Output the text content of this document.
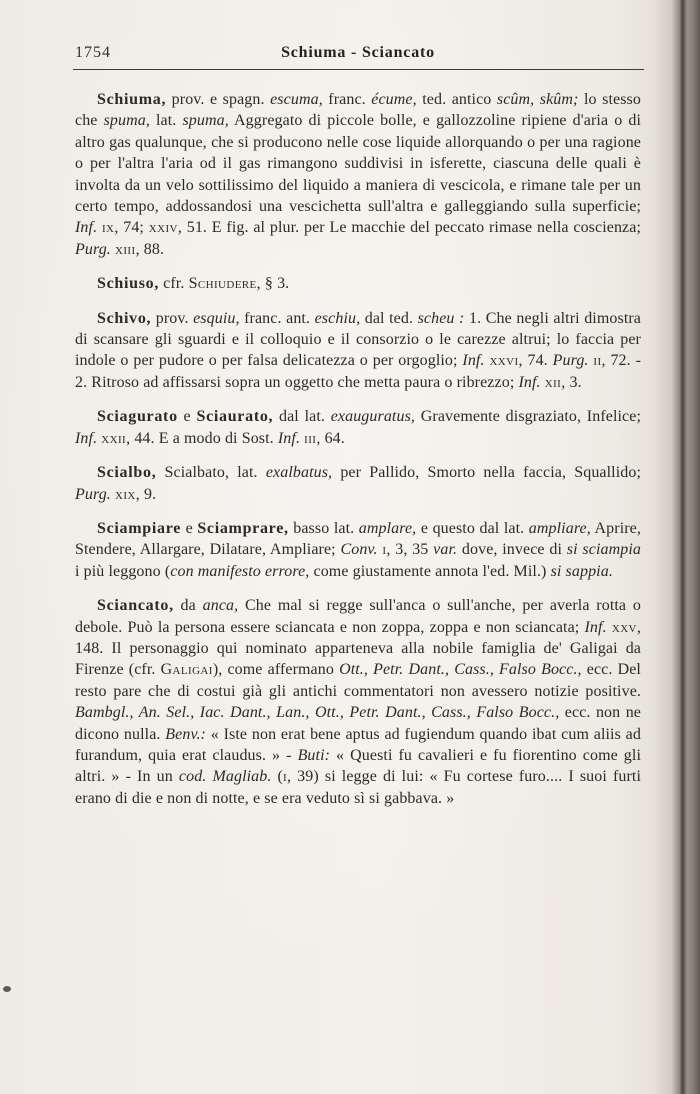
1754	Schiuma - Sciancato

Schiuma, prov. e spagn. escuma, franc. écume, ted. antico scûm, skûm; lo stesso che spuma, lat. spuma, Aggregato di piccole bolle, e gallozzoline ripiene d'aria o di altro gas qualunque, che si producono nelle cose liquide allorquando o per una ragione o per l'altra l'aria od il gas rimangono suddivisi in isferette, ciascuna delle quali è involta da un velo sottilissimo del liquido a maniera di vescicola, e rimane tale per un certo tempo, addossandosi una vescichetta sull'altra e galleggiando sulla superficie; Inf. ix, 74; xxiv, 51. E fig. al plur. per Le macchie del peccato rimase nella coscienza; Purg. xiii, 88.

Schiuso, cfr. Schiudere, § 3.

Schivo, prov. esquiu, franc. ant. eschiu, dal ted. scheu : 1. Che negli altri dimostra di scansare gli sguardi e il colloquio e il consorzio o le carezze altrui; lo faccia per indole o per pudore o per falsa delicatezza o per orgoglio; Inf. xxvi, 74. Purg. ii, 72. - 2. Ritroso ad affissarsi sopra un oggetto che metta paura o ribrezzo; Inf. xii, 3.

Sciagurato e Sciaurato, dal lat. exauguratus, Gravemente disgraziato, Infelice; Inf. xxii, 44. E a modo di Sost. Inf. iii, 64.

Scialbo, Scialbato, lat. exalbatus, per Pallido, Smorto nella faccia, Squallido; Purg. xix, 9.

Sciampiare e Sciamprare, basso lat. amplare, e questo dal lat. ampliare, Aprire, Stendere, Allargare, Dilatare, Ampliare; Conv. i, 3, 35 var. dove, invece di si sciampia i più leggono (con manifesto errore, come giustamente annota l'ed. Mil.) si sappia.

Sciancato, da anca, Che mal si regge sull'anca o sull'anche, per averla rotta o debole. Può la persona essere sciancata e non zoppa, zoppa e non sciancata; Inf. xxv, 148. Il personaggio qui nominato apparteneva alla nobile famiglia de' Galigai da Firenze (cfr. Galigai), come affermano Ott., Petr. Dant., Cass., Falso Bocc., ecc. Del resto pare che di costui già gli antichi commentatori non avessero notizie positive. Bambgl., An. Sel., Iac. Dant., Lan., Ott., Petr. Dant., Cass., Falso Bocc., ecc. non ne dicono nulla. Benv.: « Iste non erat bene aptus ad fugiendum quando ibat cum aliis ad furandum, quia erat claudus. » - Buti: « Questi fu cavalieri e fu fiorentino come gli altri. » - In un cod. Magliab. (i, 39) si legge di lui: « Fu cortese furo.... I suoi furti erano di die e non di notte, e se era veduto sì si gabbava. »
